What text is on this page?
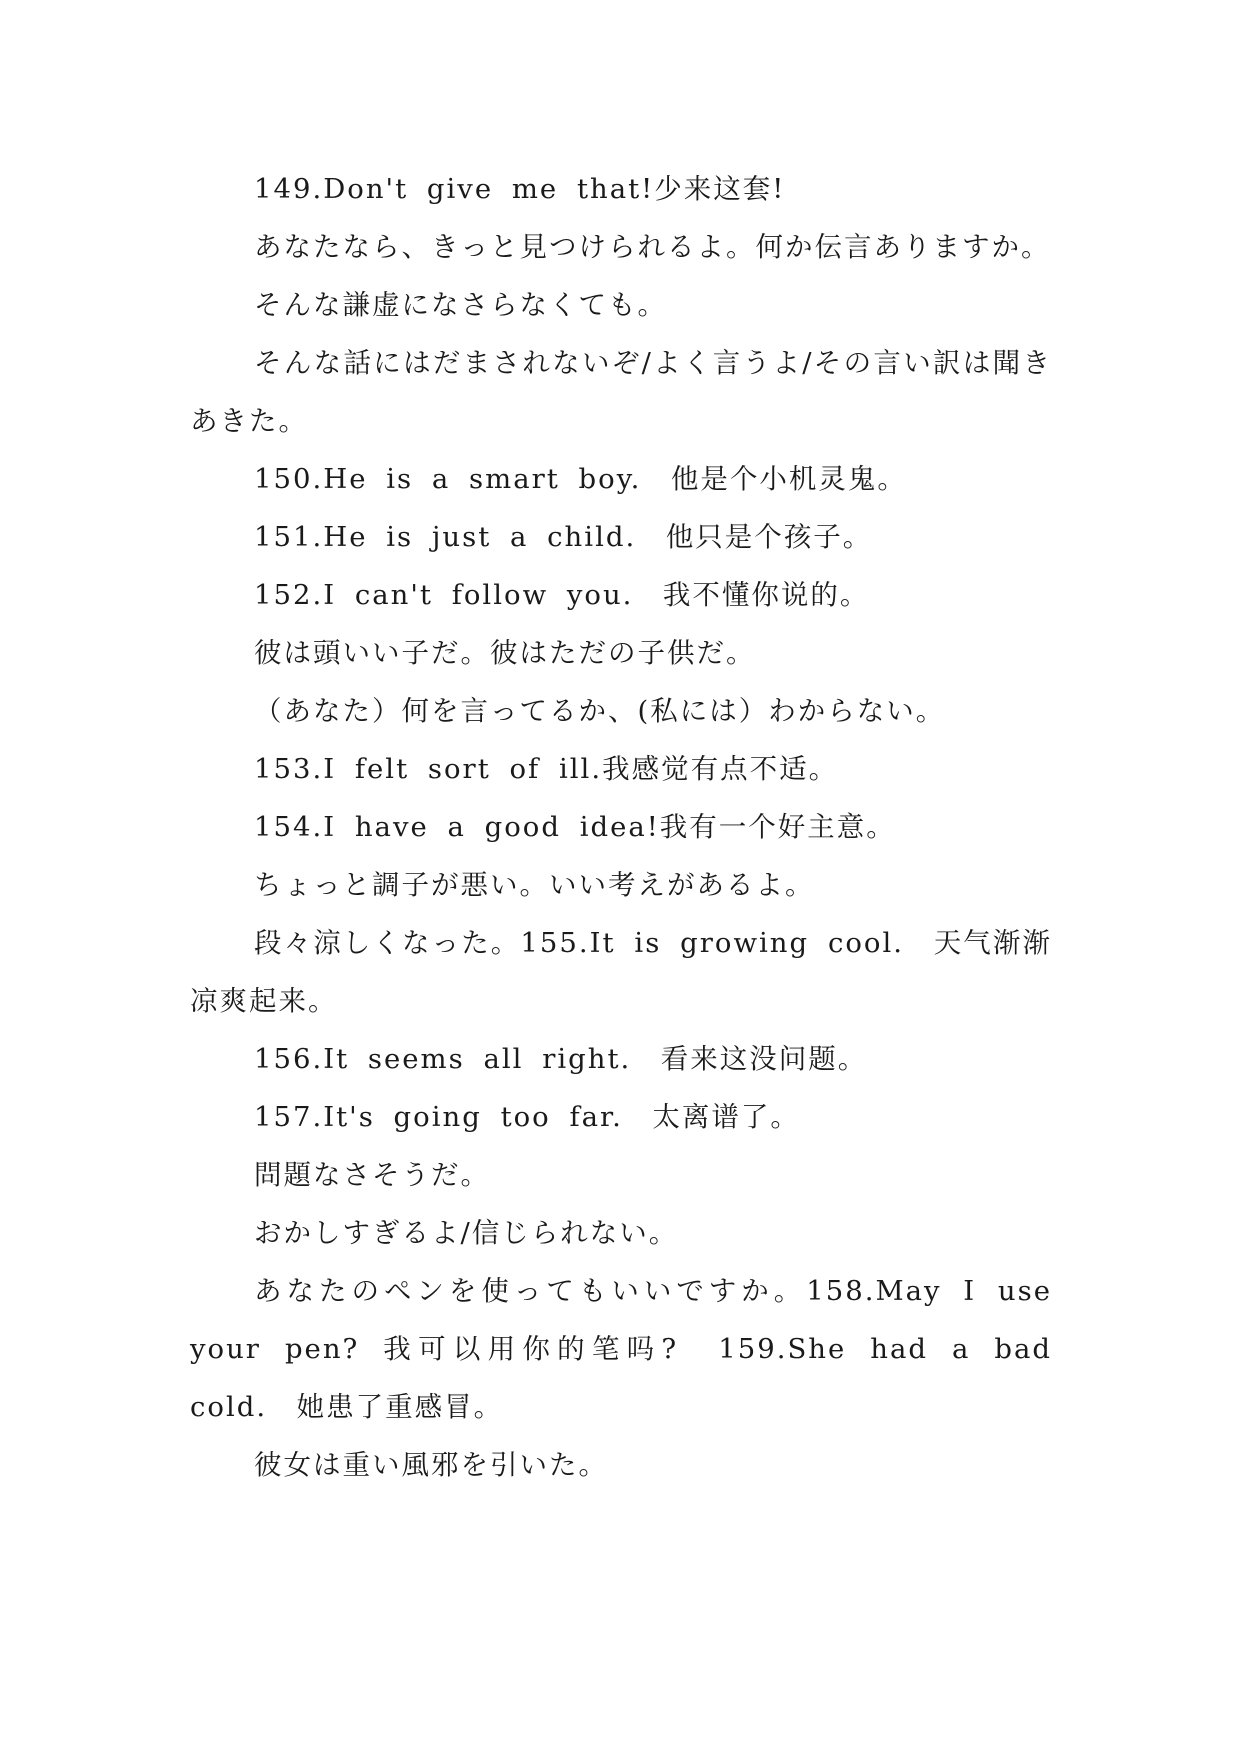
149.Don't give me that!少来这套!

あなたなら、きっと見つけられるよ。何か伝言ありますか。

そんな謙虚になさらなくても。

そんな話にはだまされないぞ/よく言うよ/その言い訳は聞きあきた。

150.He is a smart boy.　他是个小机灵鬼。

151.He is just a child.　他只是个孩子。

152.I can't follow you.　我不懂你说的。

彼は頭いい子だ。彼はただの子供だ。

（あなた）何を言ってるか、(私には）わからない。

153.I felt sort of ill.我感觉有点不适。

154.I have a good idea!我有一个好主意。

ちょっと調子が悪い。いい考えがあるよ。

段々涼しくなった。155.It is growing cool.　天气渐渐凉爽起来。

156.It seems all right.　看来这没问题。

157.It's going too far.　太离谱了。

問題なさそうだ。

おかしすぎるよ/信じられない。

あなたのペンを使ってもいいですか。158.May I use your pen? 我可以用你的笔吗?　159.She had a bad cold.　她患了重感冒。

彼女は重い風邪を引いた。
